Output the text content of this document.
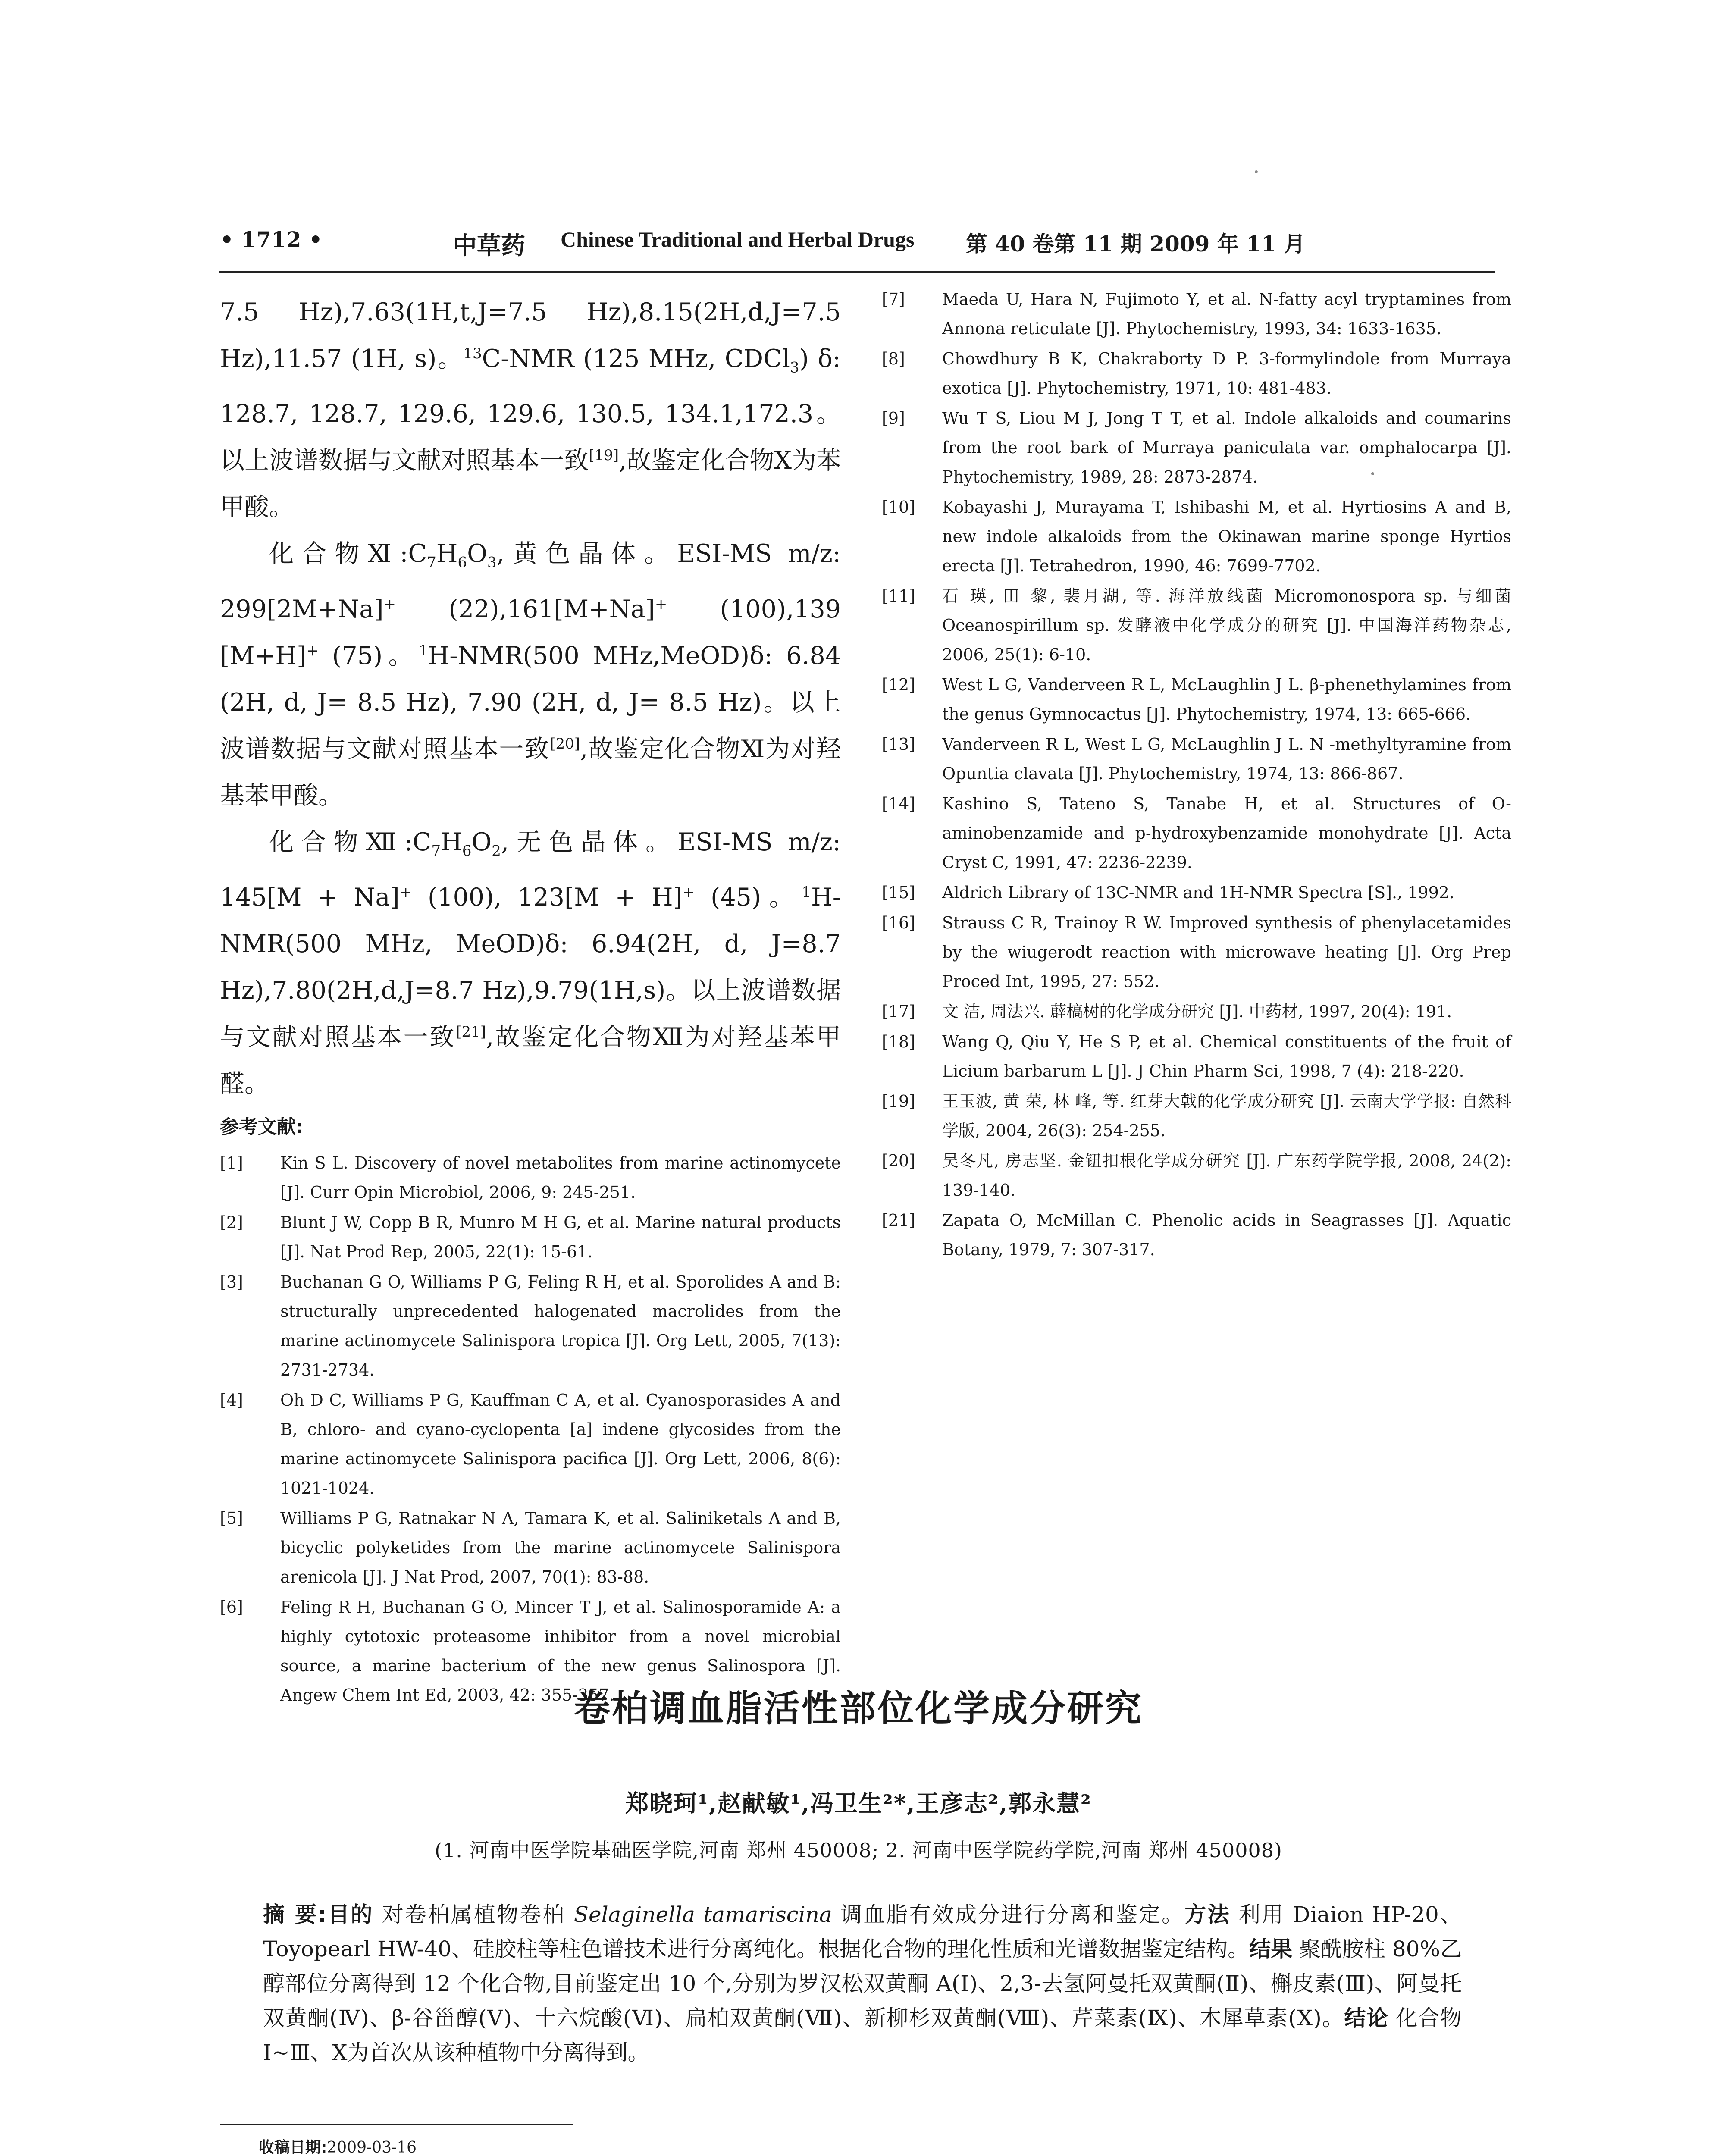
• 1712 •	中草药 Chinese Traditional and Herbal Drugs 第 40 卷第 11 期 2009 年 11 月

7.5 Hz),7.63(1H,t,J=7.5 Hz),8.15(2H,d,J=7.5 Hz),11.57 (1H, s)。$^{13}$C-NMR (125 MHz, CDCl$_3$) δ: 128.7, 128.7, 129.6, 129.6, 130.5, 134.1,172.3。以上波谱数据与文献对照基本一致[19],故鉴定化合物Ⅹ为苯甲酸。

化合物$Ⅺ:C_7H_6O_3$,黄色晶体。ESI-MS m/z: 299[2M+Na]+ (22),161[M+Na]+ (100),139 [M+H]+ (75)。$^1$H-NMR(500 MHz,MeOD)δ: 6.84 (2H, d, J= 8.5 Hz), 7.90 (2H, d, J= 8.5 Hz)。以上波谱数据与文献对照基本一致[20],故鉴定化合物Ⅺ为对羟基苯甲酸。

化合物$Ⅻ:C_7H_6O_2$,无色晶体。ESI-MS m/z: 145[M + Na]+ (100), 123[M + H]+ (45)。$^1$H-NMR(500 MHz, MeOD)δ: 6.94(2H, d, J=8.7 Hz),7.80(2H,d,J=8.7 Hz),9.79(1H,s)。以上波谱数据与文献对照基本一致[21],故鉴定化合物Ⅻ为对羟基苯甲醛。

参考文献:
[1] Kin S L. Discovery of novel metabolites from marine actinomycete [J]. Curr Opin Microbiol, 2006, 9: 245-251.
[2] Blunt J W, Copp B R, Munro M H G, et al. Marine natural products [J]. Nat Prod Rep, 2005, 22(1): 15-61.
[3] Buchanan G O, Williams P G, Feling R H, et al. Sporolides A and B: structurally unprecedented halogenated macrolides from the marine actinomycete Salinispora tropica [J]. Org Lett, 2005, 7(13): 2731-2734.
[4] Oh D C, Williams P G, Kauffman C A, et al. Cyanosporasides A and B, chloro- and cyano-cyclopenta [a] indene glycosides from the marine actinomycete Salinispora pacifica [J]. Org Lett, 2006, 8(6): 1021-1024.
[5] Williams P G, Ratnakar N A, Tamara K, et al. Saliniketals A and B, bicyclic polyketides from the marine actinomycete Salinispora arenicola [J]. J Nat Prod, 2007, 70(1): 83-88.
[6] Feling R H, Buchanan G O, Mincer T J, et al. Salinosporamide A: a highly cytotoxic proteasome inhibitor from a novel microbial source, a marine bacterium of the new genus Salinospora [J]. Angew Chem Int Ed, 2003, 42: 355-357.
[7] Maeda U, Hara N, Fujimoto Y, et al. N-fatty acyl tryptamines from Annona reticulate [J]. Phytochemistry, 1993, 34: 1633-1635.
[8] Chowdhury B K, Chakraborty D P. 3-formylindole from Murraya exotica [J]. Phytochemistry, 1971, 10: 481-483.
[9] Wu T S, Liou M J, Jong T T, et al. Indole alkaloids and coumarins from the root bark of Murraya paniculata var. omphalocarpa [J]. Phytochemistry, 1989, 28: 2873-2874.
[10] Kobayashi J, Murayama T, Ishibashi M, et al. Hyrtiosins A and B, new indole alkaloids from the Okinawan marine sponge Hyrtios erecta [J]. Tetrahedron, 1990, 46: 7699-7702.
[11] 石 瑛, 田 黎, 裴月湖, 等. 海洋放线菌 Micromonospora sp. 与细菌 Oceanospirillum sp. 发酵液中化学成分的研究 [J]. 中国海洋药物杂志, 2006, 25(1): 6-10.
[12] West L G, Vanderveen R L, McLaughlin J L. β-phenethylamines from the genus Gymnocactus [J]. Phytochemistry, 1974, 13: 665-666.
[13] Vanderveen R L, West L G, McLaughlin J L. N -methyltyramine from Opuntia clavata [J]. Phytochemistry, 1974, 13: 866-867.
[14] Kashino S, Tateno S, Tanabe H, et al. Structures of O-aminobenzamide and p-hydroxybenzamide monohydrate [J]. Acta Cryst C, 1991, 47: 2236-2239.
[15] Aldrich Library of 13C-NMR and 1H-NMR Spectra [S]., 1992.
[16] Strauss C R, Trainoy R W. Improved synthesis of phenylacetamides by the wiugerodt reaction with microwave heating [J]. Org Prep Proced Int, 1995, 27: 552.
[17] 文 洁, 周法兴. 薜槁树的化学成分研究 [J]. 中药材, 1997, 20(4): 191.
[18] Wang Q, Qiu Y, He S P, et al. Chemical constituents of the fruit of Licium barbarum L [J]. J Chin Pharm Sci, 1998, 7 (4): 218-220.
[19] 王玉波, 黄 荣, 林 峰, 等. 红芽大戟的化学成分研究 [J]. 云南大学学报: 自然科学版, 2004, 26(3): 254-255.
[20] 吴冬凡, 房志坚. 金钮扣根化学成分研究 [J]. 广东药学院学报, 2008, 24(2): 139-140.
[21] Zapata O, McMillan C. Phenolic acids in Seagrasses [J]. Aquatic Botany, 1979, 7: 307-317.
卷柏调血脂活性部位化学成分研究
郑晓珂¹,赵献敏¹,冯卫生²*,王彦志²,郭永慧²
(1. 河南中医学院基础医学院,河南 郑州 450008; 2. 河南中医学院药学院,河南 郑州 450008)
摘 要:目的 对卷柏属植物卷柏 Selaginella tamariscina 调血脂有效成分进行分离和鉴定。方法 利用 Diaion HP-20、Toyopearl HW-40、硅胶柱等柱色谱技术进行分离纯化。根据化合物的理化性质和光谱数据鉴定结构。结果 聚酰胺柱 80%乙醇部位分离得到 12 个化合物,目前鉴定出 10 个,分别为罗汉松双黄酮 A(Ⅰ)、2,3-去氢阿曼托双黄酮(Ⅱ)、槲皮素(Ⅲ)、阿曼托双黄酮(Ⅳ)、β-谷甾醇(Ⅴ)、十六烷酸(Ⅵ)、扁柏双黄酮(Ⅶ)、新柳杉双黄酮(Ⅷ)、芹菜素(Ⅸ)、木犀草素(Ⅹ)。结论 化合物Ⅰ~Ⅲ、Ⅹ为首次从该种植物中分离得到。
收稿日期:2009-03-16
